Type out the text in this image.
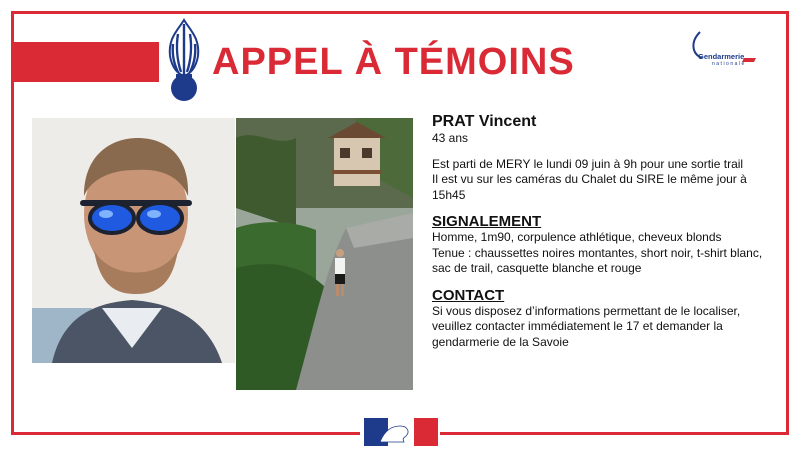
APPEL À TÉMOINS	Gendarmerie
nationale
PRAT Vincent
43 ans
Est parti de MERY le lundi 09 juin à 9h pour une sortie trail
Il est vu sur les caméras du Chalet du SIRE le même jour à 15h45
SIGNALEMENT
Homme, 1m90, corpulence athlétique, cheveux blonds
Tenue : chaussettes noires montantes, short noir, t-shirt blanc, sac de trail, casquette blanche et rouge
CONTACT
Si vous disposez d’informations permettant de le localiser, veuillez contacter immédiatement le 17 et demander la gendarmerie de la Savoie
